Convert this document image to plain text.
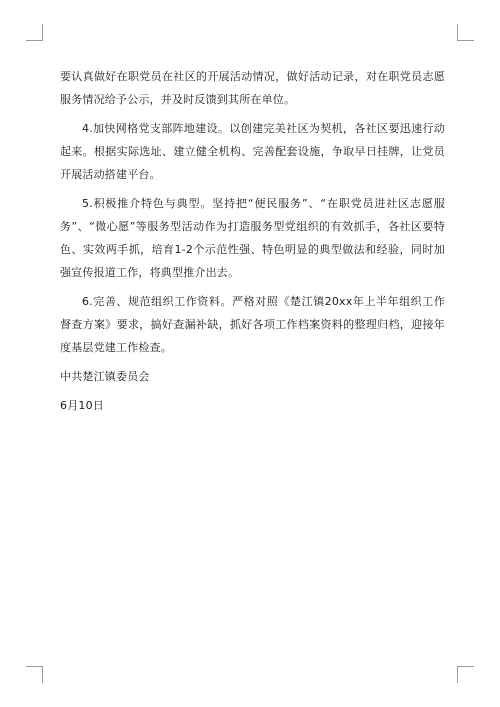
要认真做好在职党员在社区的开展活动情况，做好活动记录，对在职党员志愿服务情况给予公示，并及时反馈到其所在单位。

4.加快网格党支部阵地建设。以创建完美社区为契机，各社区要迅速行动起来。根据实际选址、建立健全机构、完善配套设施，争取早日挂牌，让党员开展活动搭建平台。

5.积极推介特色与典型。坚持把“便民服务”、“在职党员进社区志愿服务”、“微心愿”等服务型活动作为打造服务型党组织的有效抓手，各社区要特色、实效两手抓，培育1-2个示范性强、特色明显的典型做法和经验，同时加强宣传报道工作，将典型推介出去。

6.完善、规范组织工作资料。严格对照《楚江镇20xx年上半年组织工作督查方案》要求，搞好查漏补缺，抓好各项工作档案资料的整理归档，迎接年度基层党建工作检查。

中共楚江镇委员会

6月10日
